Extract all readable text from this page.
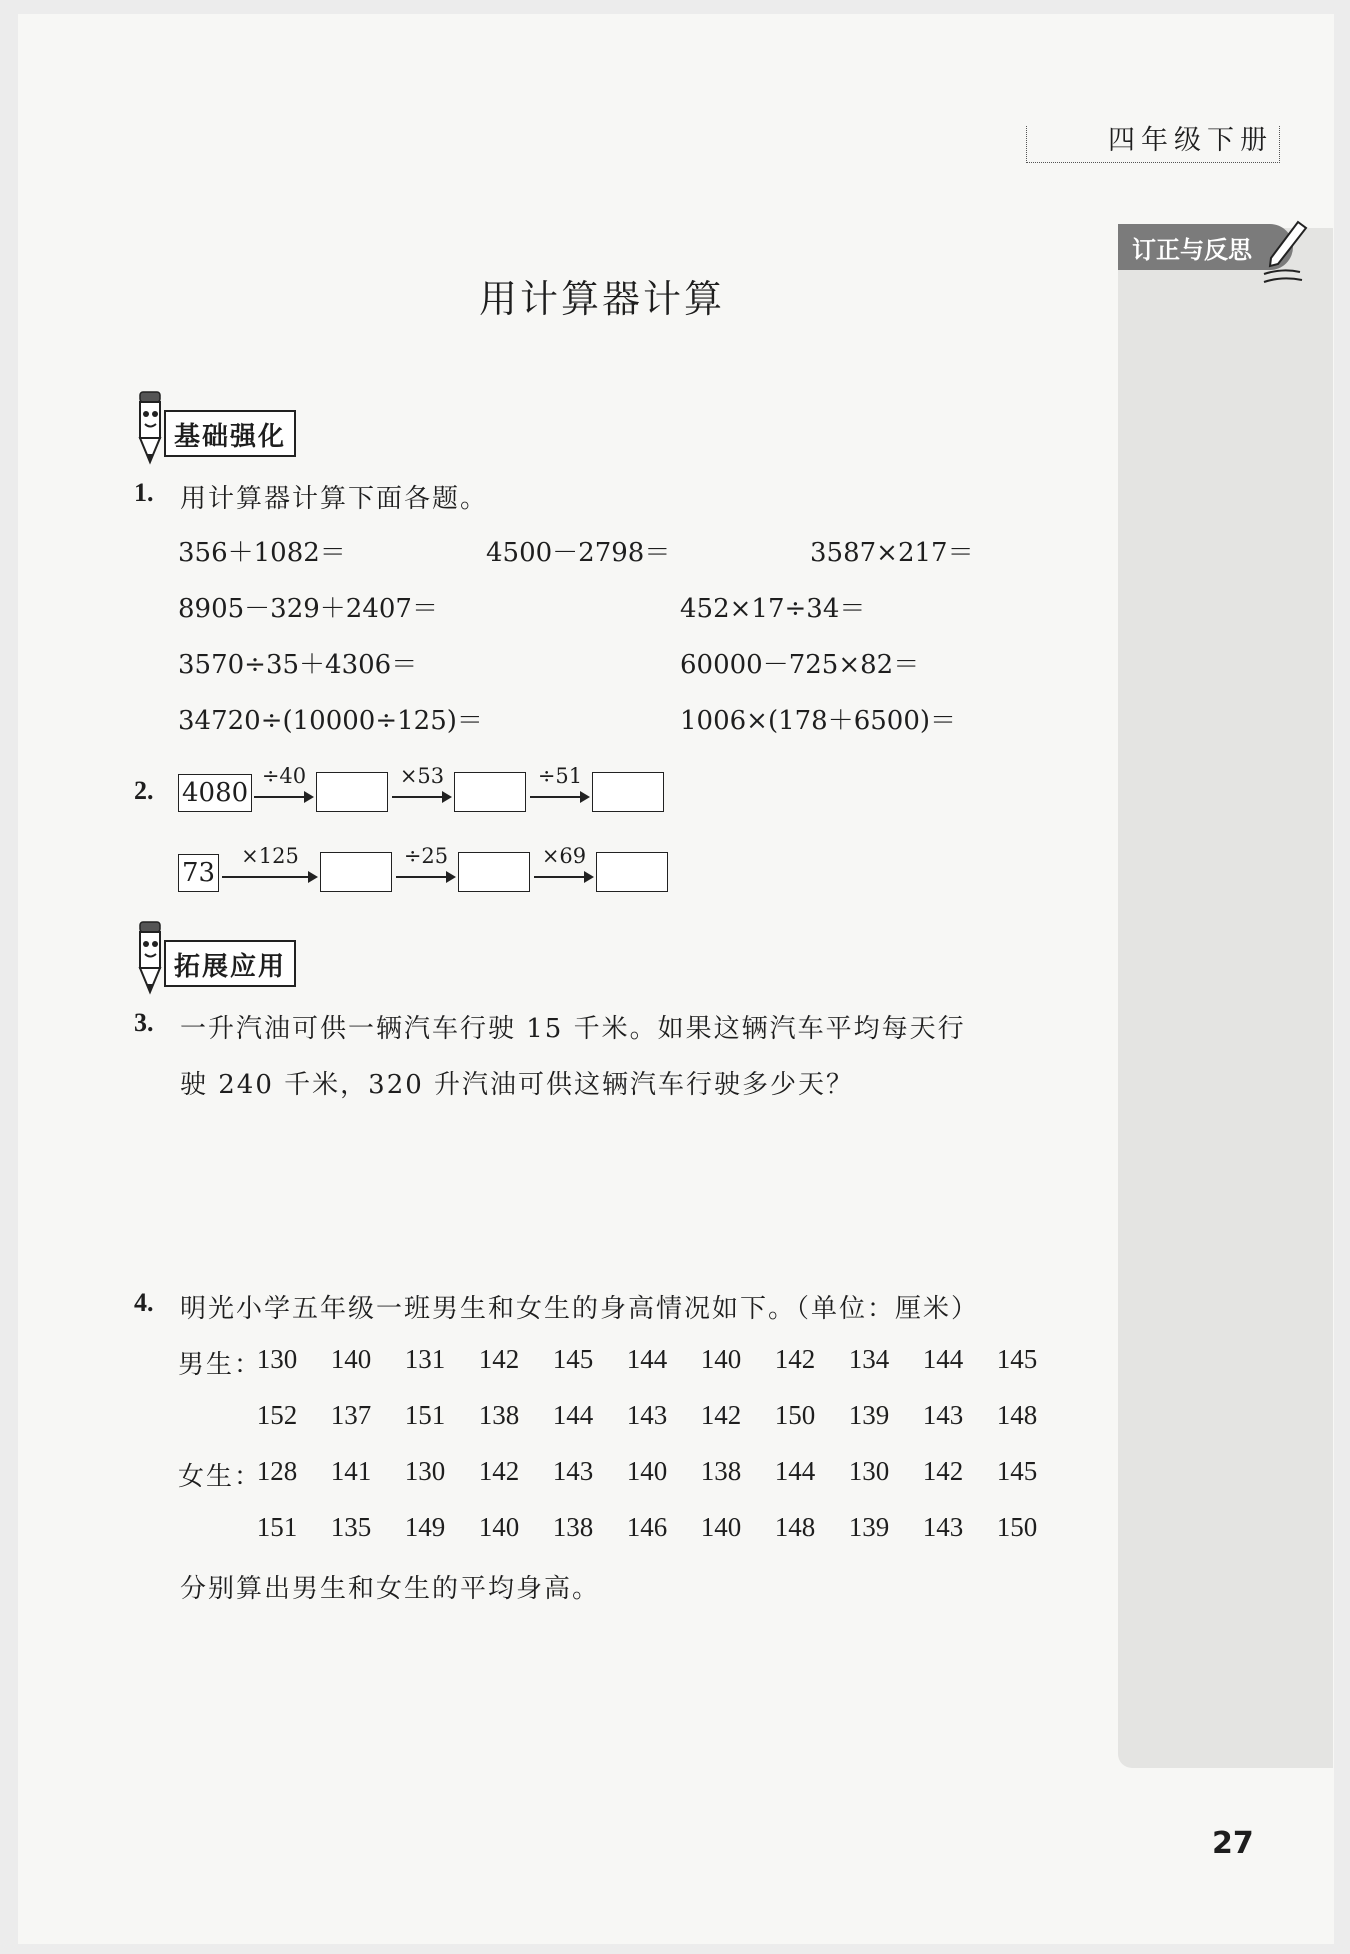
四年级下册
订正与反思
用计算器计算
基础强化
1. 用计算器计算下面各题。
356＋1082＝	4500－2798＝	3587×217＝
8905－329＋2407＝	452×17÷34＝
3570÷35＋4306＝	60000－725×82＝
34720÷(10000÷125)＝	1006×(178＋6500)＝
2. 4080
÷40	×53	÷51
73
×125	÷25	×69
拓展应用
3. 一升汽油可供一辆汽车行驶 15 千米。如果这辆汽车平均每天行
驶 240 千米，320 升汽油可供这辆汽车行驶多少天？
4. 明光小学五年级一班男生和女生的身高情况如下。（单位：厘米）
男生：
130 140 131 142 145 144 140 142 134 144 145
152 137 151 138 144 143 142 150 139 143 148
女生：
128 141 130 142 143 140 138 144 130 142 145
151 135 149 140 138 146 140 148 139 143 150
分别算出男生和女生的平均身高。
27
